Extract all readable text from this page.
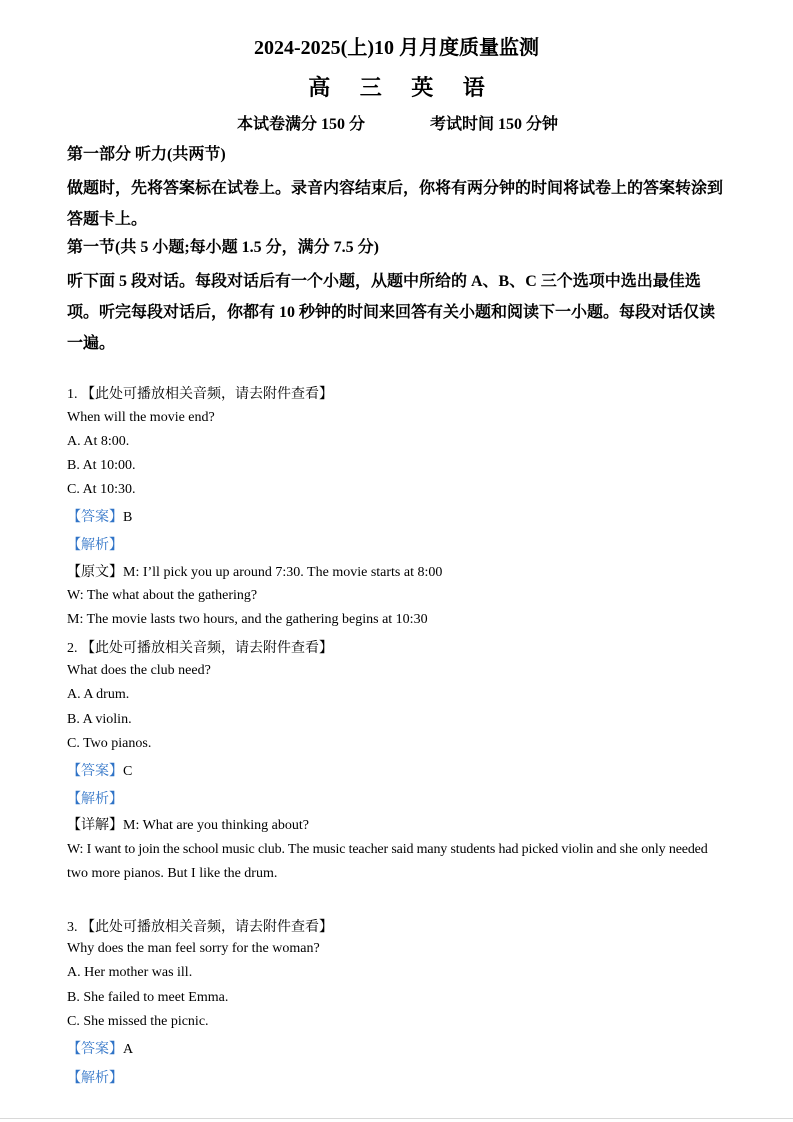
2024-2025(上)10 月月度质量监测
高 三 英 语
本试卷满分 150 分	考试时间 150 分钟
第一部分 听力(共两节)
做题时，先将答案标在试卷上。录音内容结束后，你将有两分钟的时间将试卷上的答案转涂到
答题卡上。
第一节(共 5 小题;每小题 1.5 分，满分 7.5 分)
听下面 5 段对话。每段对话后有一个小题，从题中所给的 A、B、C 三个选项中选出最佳选
项。听完每段对话后，你都有 10 秒钟的时间来回答有关小题和阅读下一小题。每段对话仅读
一遍。
1. 【此处可播放相关音频，请去附件查看】
When will the movie end?
A. At 8:00.
B. At 10:00.
C. At 10:30.
【答案】B
【解析】
【原文】M: I’ll pick you up around 7:30. The movie starts at 8:00
W: The what about the gathering?
M: The movie lasts two hours, and the gathering begins at 10:30
2. 【此处可播放相关音频，请去附件查看】
What does the club need?
A. A drum.
B. A violin.
C. Two pianos.
【答案】C
【解析】
【详解】M: What are you thinking about?
W: I want to join the school music club. The music teacher said many students had picked violin and she only needed
two more pianos. But I like the drum.
3. 【此处可播放相关音频，请去附件查看】
Why does the man feel sorry for the woman?
A. Her mother was ill.
B. She failed to meet Emma.
C. She missed the picnic.
【答案】A
【解析】
